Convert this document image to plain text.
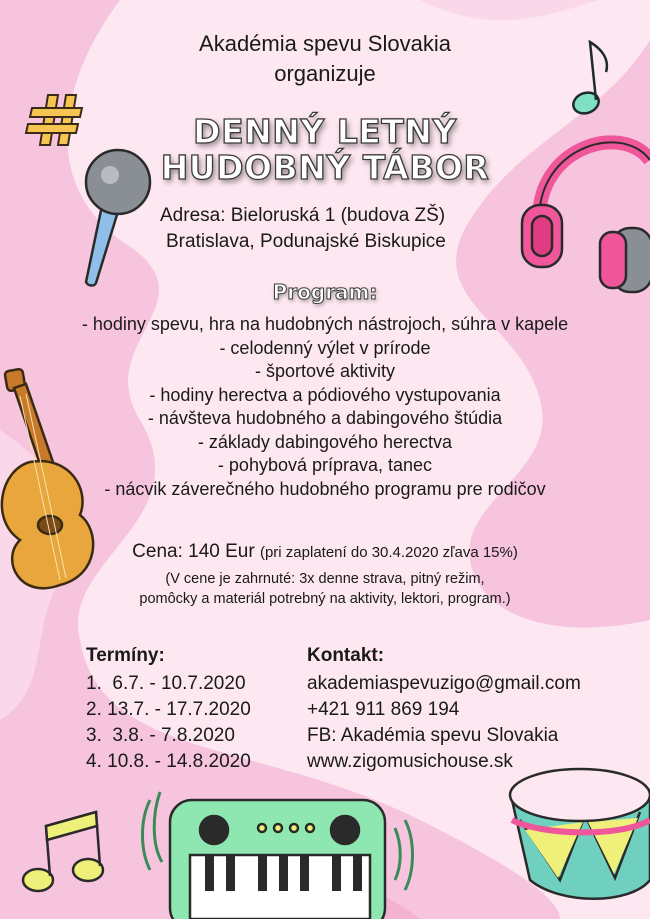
Akadémia spevu Slovakia
organizuje
DENNÝ LETNÝ
HUDOBNÝ TÁBOR
Adresa: Bieloruská 1 (budova ZŠ)
Bratislava, Podunajské Biskupice
Program:
- hodiny spevu, hra na hudobných nástrojoch, súhra v kapele
- celodenný výlet v prírode
- športové aktivity
- hodiny herectva a pódiového vystupovania
- návšteva hudobného a dabingového štúdia
- základy dabingového herectva
- pohybová príprava, tanec
- nácvik záverečného hudobného programu pre rodičov
Cena: 140 Eur (pri zaplatení do 30.4.2020 zľava 15%)
(V cene je zahrnuté: 3x denne strava, pitný režim,
pomôcky a materiál potrebný na aktivity, lektori, program.)
Termíny:
1.  6.7. - 10.7.2020
2. 13.7. - 17.7.2020
3.  3.8. - 7.8.2020
4. 10.8. - 14.8.2020
Kontakt:
akademiaspevuzigo@gmail.com
+421 911 869 194
FB: Akadémia spevu Slovakia
www.zigomusichouse.sk
